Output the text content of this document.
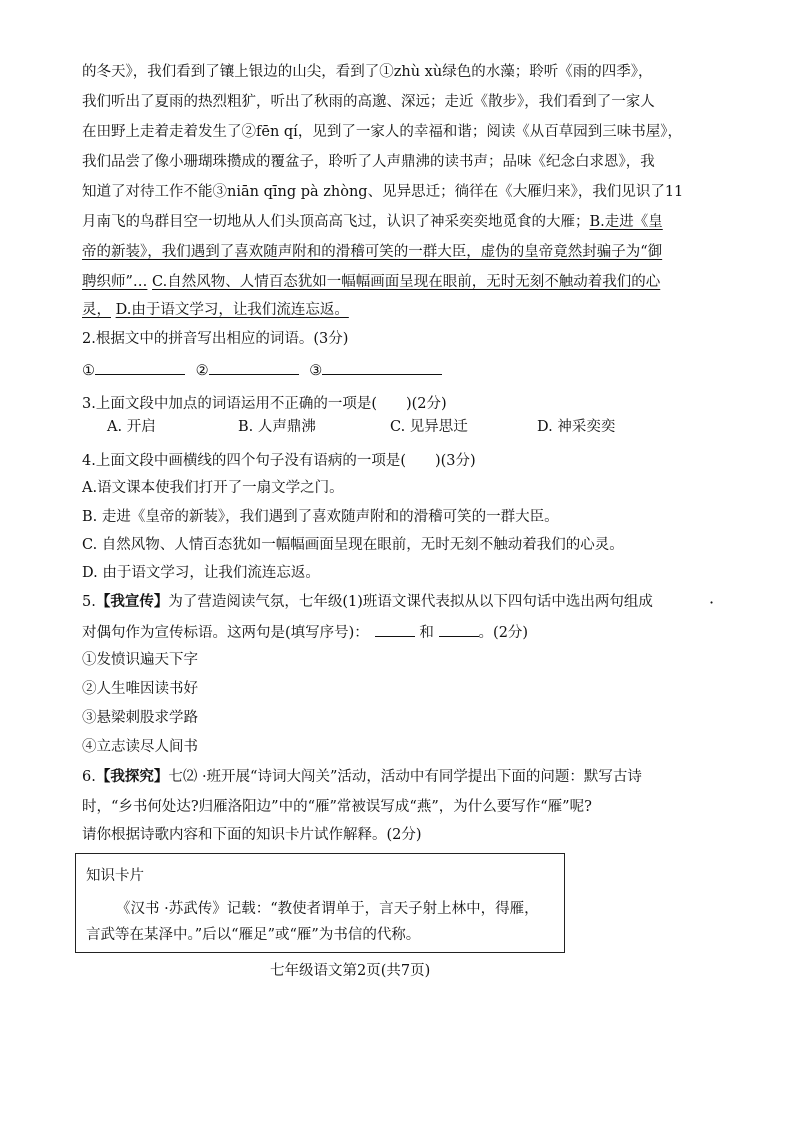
的冬天》，我们看到了镶上银边的山尖，看到了①zhù xù绿色的水藻；聆听《雨的四季》，
我们听出了夏雨的热烈粗犷，听出了秋雨的高邈、深远；走近《散步》，我们看到了一家人
在田野上走着走着发生了②fēn qí，见到了一家人的幸福和谐；阅读《从百草园到三味书屋》，
我们品尝了像小珊瑚珠攒成的覆盆子，聆听了人声鼎沸的读书声；品味《纪念白求恩》，我
知道了对待工作不能③niān qīng pà zhòng、见异思迁；徜徉在《大雁归来》，我们见识了11
月南飞的鸟群目空一切地从人们头顶高高飞过，认识了神采奕奕地觅食的大雁；B.走进《皇
帝的新装》，我们遇到了喜欢随声附和的滑稽可笑的一群大臣，虚伪的皇帝竟然封骗子为“御
聘织师”… C.自然风物、人情百态犹如一幅幅画面呈现在眼前，无时无刻不触动着我们的心
灵， D.由于语文学习，让我们流连忘返。
2.根据文中的拼音写出相应的词语。(3分)
①	②	③
3.上面文段中加点的词语运用不正确的一项是(　　)(2分)
A. 开启	B. 人声鼎沸	C. 见异思迁	D. 神采奕奕
4.上面文段中画横线的四个句子没有语病的一项是(　　)(3分)
A.语文课本使我们打开了一扇文学之门。
B. 走进《皇帝的新装》，我们遇到了喜欢随声附和的滑稽可笑的一群大臣。
C. 自然风物、人情百态犹如一幅幅画面呈现在眼前，无时无刻不触动着我们的心灵。
D. 由于语文学习，让我们流连忘返。
5.【我宣传】为了营造阅读气氛，七年级(1)班语文课代表拟从以下四句话中选出两句组成	·
对偶句作为宣传标语。这两句是(填写序号)：	和	。(2分)
①发愤识遍天下字
②人生唯因读书好
③悬梁刺股求学路
④立志读尽人间书
6.【我探究】七⑵ ·班开展“诗词大闯关”活动，活动中有同学提出下面的问题：默写古诗
时，“乡书何处达?归雁洛阳边”中的“雁”常被误写成“燕”，为什么要写作“雁”呢?
请你根据诗歌内容和下面的知识卡片试作解释。(2分)
知识卡片
《汉书 ·苏武传》记载：“教使者谓单于，言天子射上林中，得雁，
言武等在某泽中。”后以“雁足”或“雁”为书信的代称。
七年级语文第2页(共7页)
